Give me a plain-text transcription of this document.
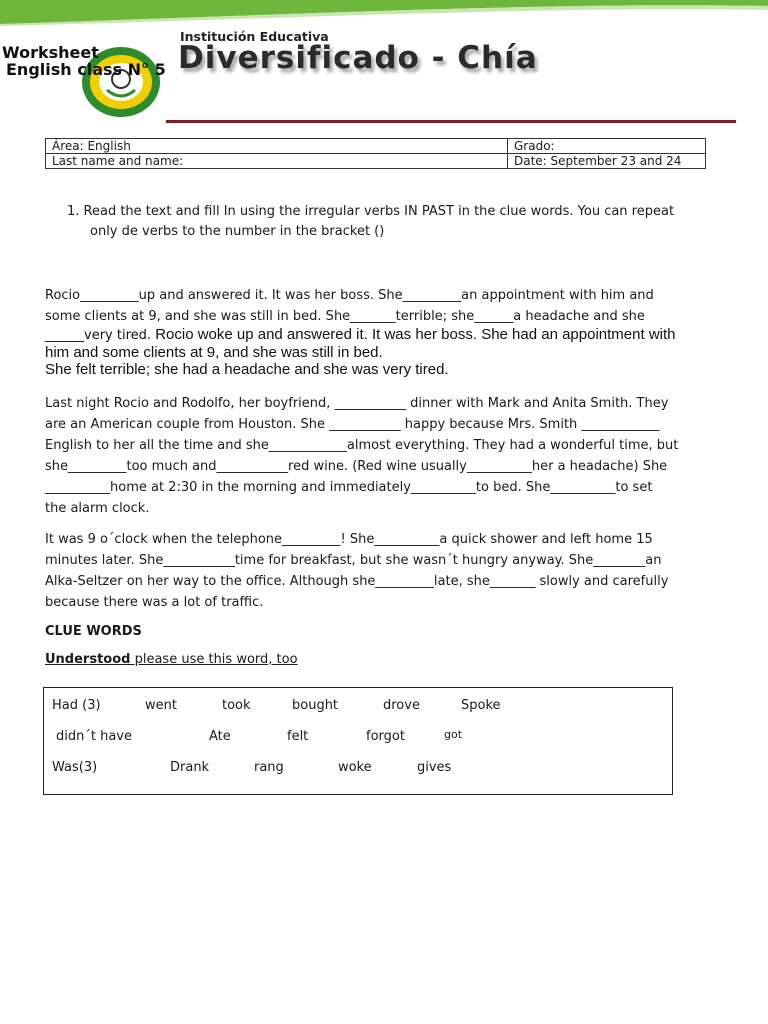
Worksheet
English class N° 5
Institución Educativa
Diversificado - Chía
Área: English	Grado:
Last name and name:	Date: September 23 and 24
1. Read the text and fill In using the irregular verbs IN PAST in the clue words. You can repeat
only de verbs to the number in the bracket ()
Rocio_________up and answered it. It was her boss. She_________an appointment with him and
some clients at 9, and she was still in bed. She_______terrible; she______a headache and she
______very tired. Rocio woke up and answered it. It was her boss. She had an appointment with
him and some clients at 9, and she was still in bed.
She felt terrible; she had a headache and she was very tired.
Last night Rocio and Rodolfo, her boyfriend, ___________ dinner with Mark and Anita Smith. They
are an American couple from Houston. She ___________ happy because Mrs. Smith ____________
English to her all the time and she____________almost everything. They had a wonderful time, but
she_________too much and___________red wine. (Red wine usually__________her a headache) She
__________home at 2:30 in the morning and immediately__________to bed. She__________to set
the alarm clock.
It was 9 o´clock when the telephone_________! She__________a quick shower and left home 15
minutes later. She___________time for breakfast, but she wasn´t hungry anyway. She________an
Alka-Seltzer on her way to the office. Although she_________late, she_______ slowly and carefully
because there was a lot of traffic.
CLUE WORDS
Understood please use this word, too
Had (3)	went	took	bought	drove	Spoke
didn´t have	Ate	felt	forgot	got
Was(3)	Drank	rang	woke	gives
